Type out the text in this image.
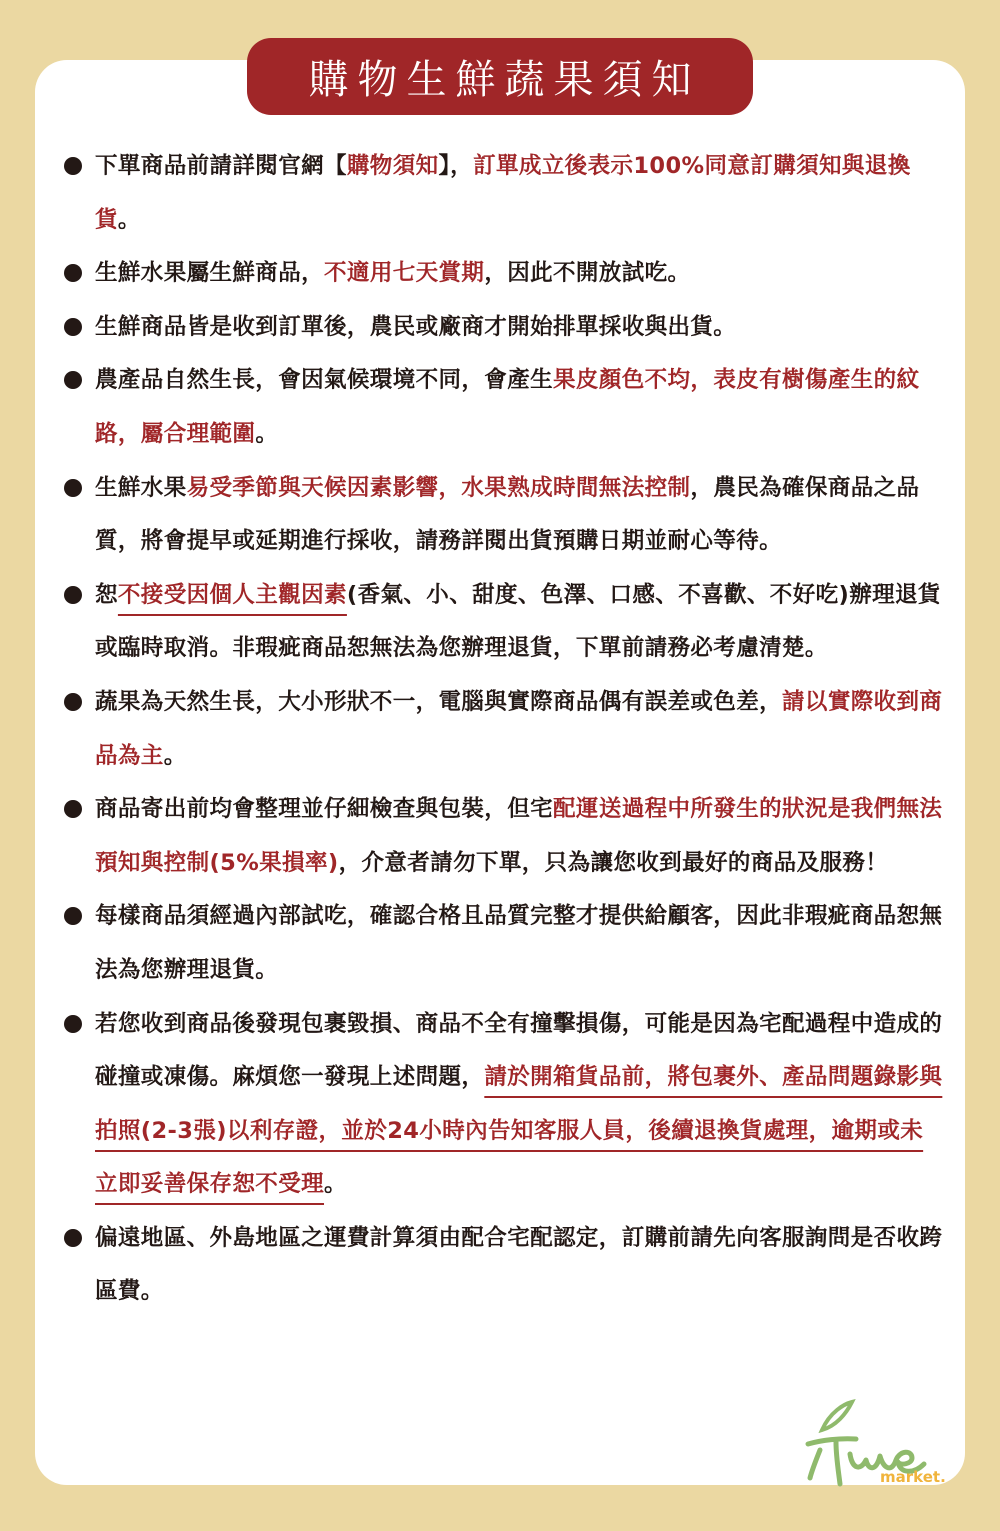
購物生鮮蔬果須知
下單商品前請詳閱官網【購物須知】，訂單成立後表示100%同意訂購須知與退換貨。
生鮮水果屬生鮮商品，不適用七天賞期，因此不開放試吃。
生鮮商品皆是收到訂單後，農民或廠商才開始排單採收與出貨。
農產品自然生長，會因氣候環境不同，會產生果皮顏色不均，表皮有樹傷產生的紋路，屬合理範圍。
生鮮水果易受季節與天候因素影響，水果熟成時間無法控制，農民為確保商品之品質，將會提早或延期進行採收，請務詳閱出貨預購日期並耐心等待。
恕不接受因個人主觀因素(香氣、小、甜度、色澤、口感、不喜歡、不好吃)辦理退貨或臨時取消。非瑕疵商品恕無法為您辦理退貨，下單前請務必考慮清楚。
蔬果為天然生長，大小形狀不一，電腦與實際商品偶有誤差或色差，請以實際收到商品為主。
商品寄出前均會整理並仔細檢查與包裝，但宅配運送過程中所發生的狀況是我們無法預知與控制(5%果損率)，介意者請勿下單，只為讓您收到最好的商品及服務！
每樣商品須經過內部試吃，確認合格且品質完整才提供給顧客，因此非瑕疵商品恕無法為您辦理退貨。
若您收到商品後發現包裹毀損、商品不全有撞擊損傷，可能是因為宅配過程中造成的碰撞或凍傷。麻煩您一發現上述問題，請於開箱貨品前，將包裹外、產品問題錄影與拍照(2-3張)以利存證，並於24小時內告知客服人員，後續退換貨處理，逾期或未立即妥善保存恕不受理。
偏遠地區、外島地區之運費計算須由配合宅配認定，訂購前請先向客服詢問是否收跨區費。
market.
